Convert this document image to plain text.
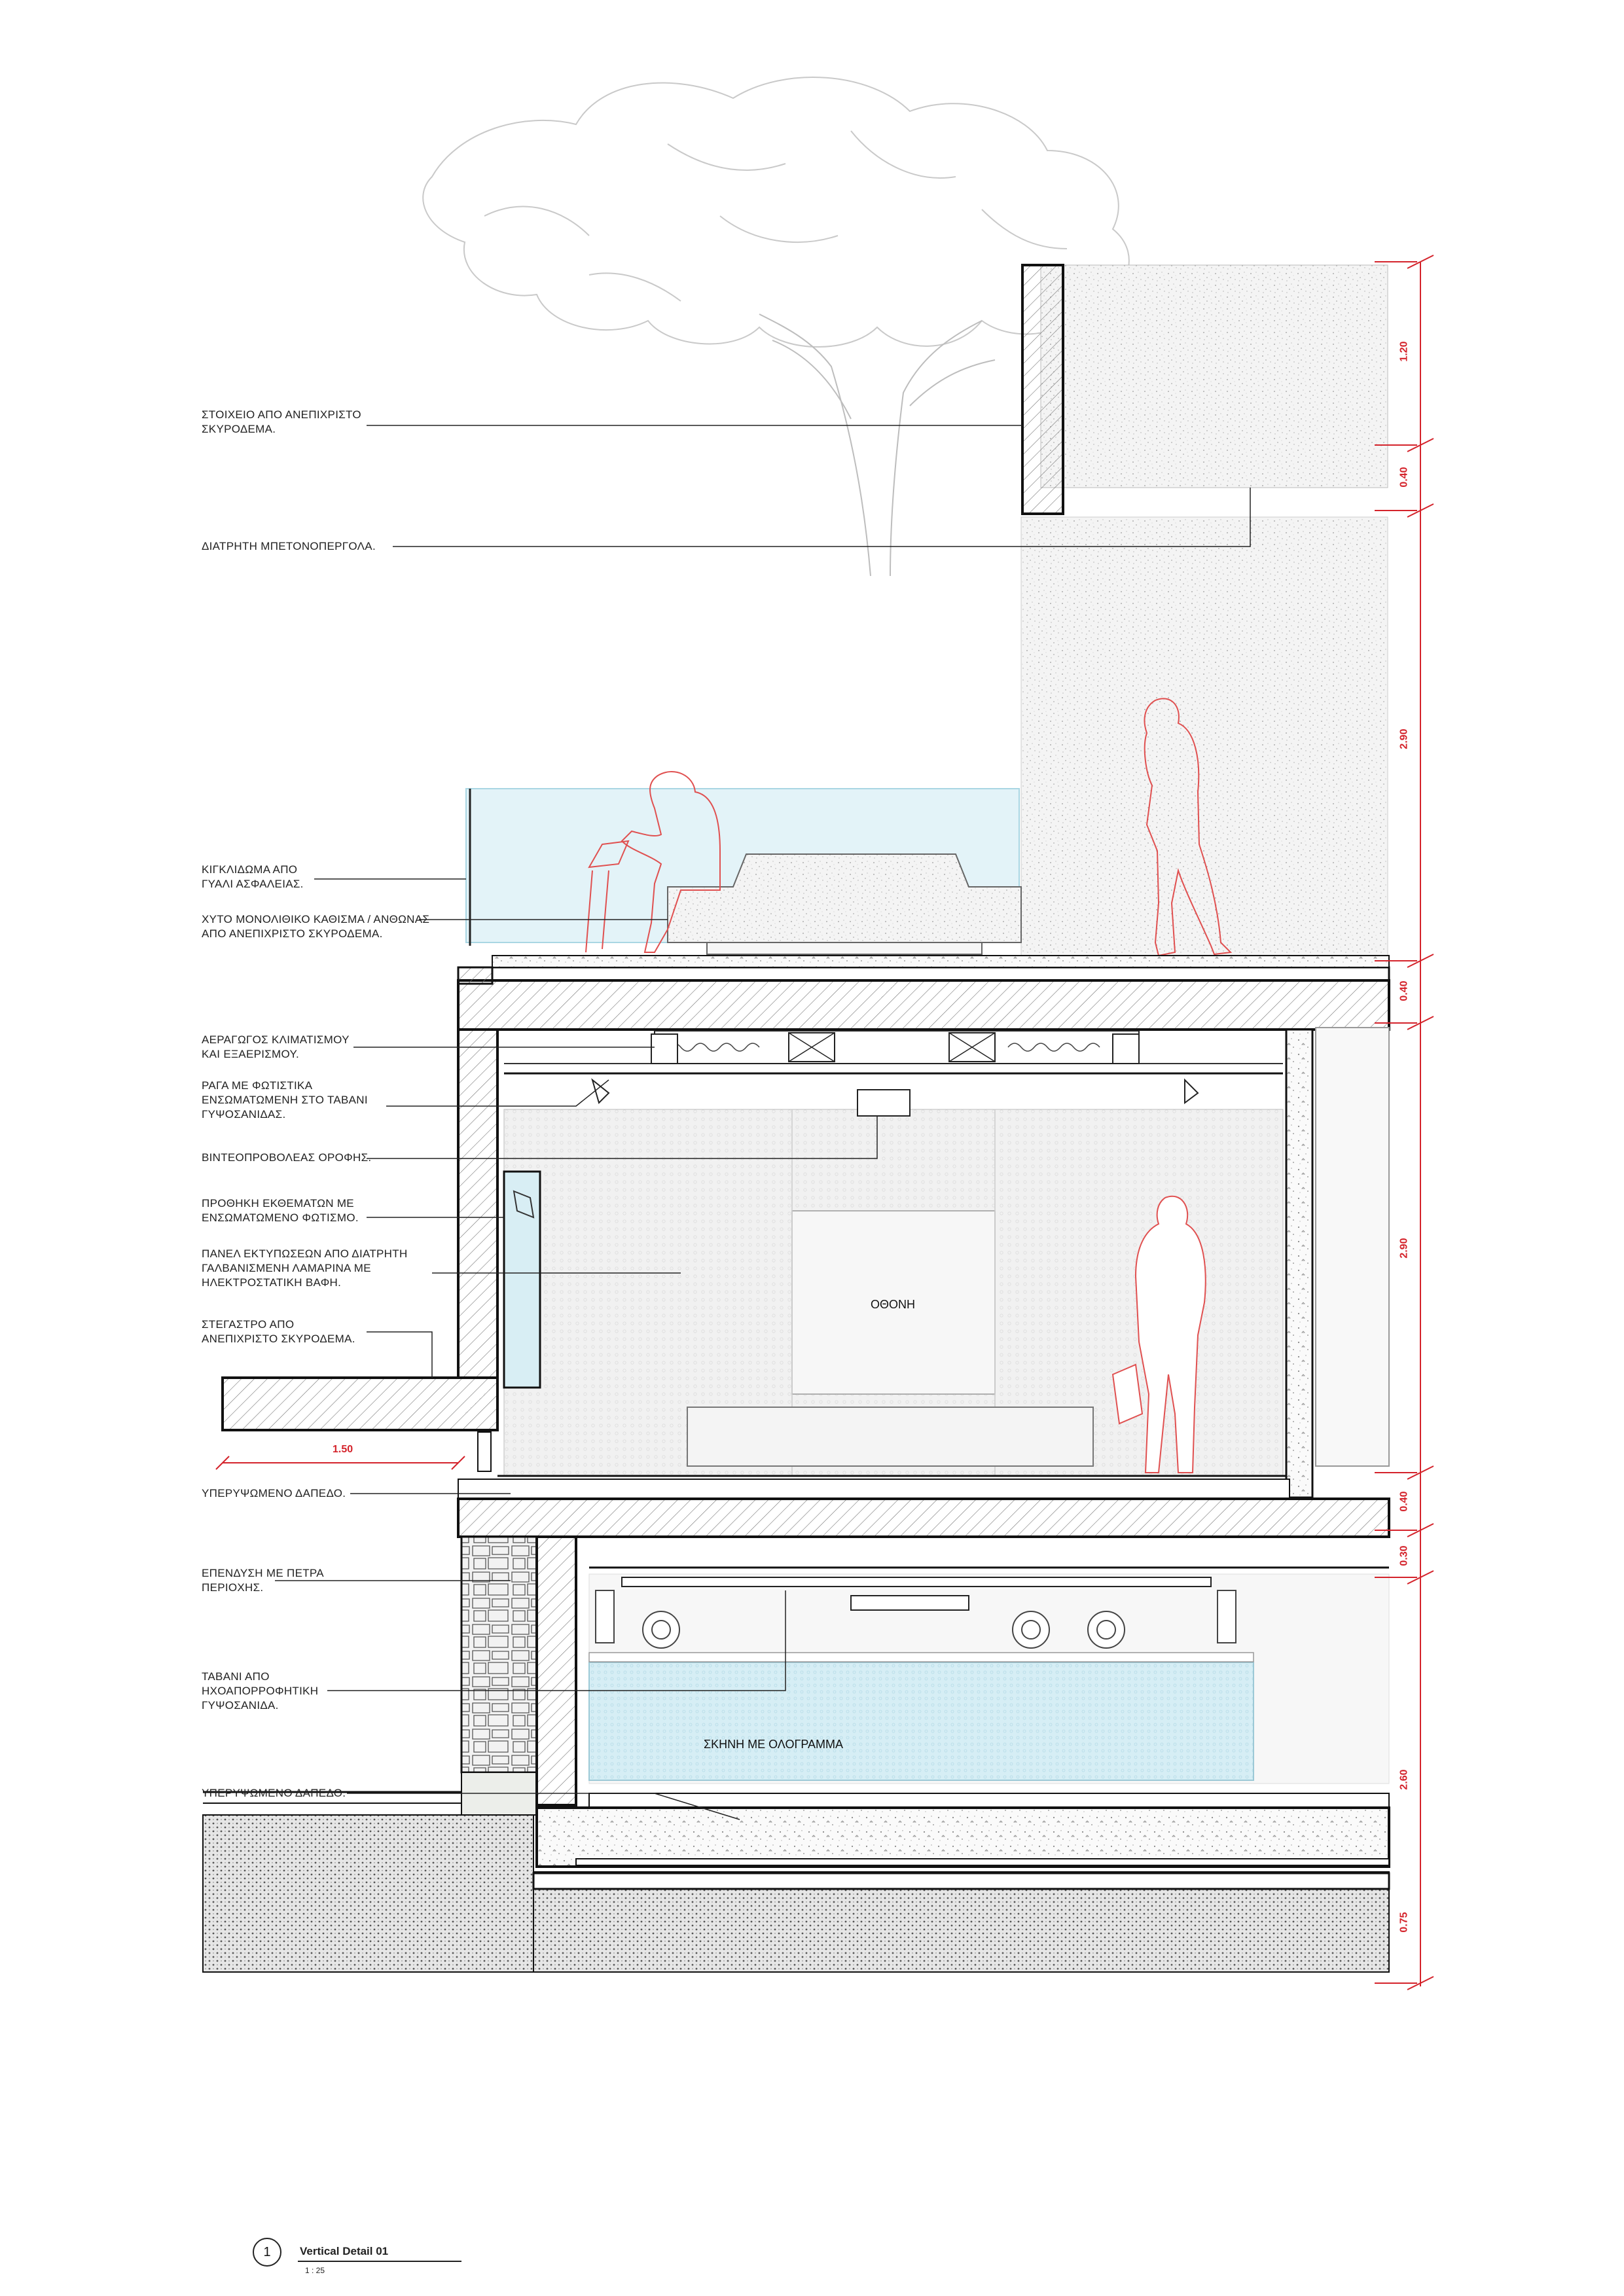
ΣΤΟΙΧΕΙΟ ΑΠΟ ΑΝΕΠΙΧΡΙΣΤΟ
ΣΚΥΡΟΔΕΜΑ.
ΔΙΑΤΡΗΤΗ ΜΠΕΤΟΝΟΠΕΡΓΟΛΑ.
ΚΙΓΚΛΙΔΩΜΑ ΑΠΟ
ΓΥΑΛΙ ΑΣΦΑΛΕΙΑΣ.
ΧΥΤΟ ΜΟΝΟΛΙΘΙΚΟ ΚΑΘΙΣΜΑ / ΑΝΘΩΝΑΣ
ΑΠΟ ΑΝΕΠΙΧΡΙΣΤΟ ΣΚΥΡΟΔΕΜΑ.
ΑΕΡΑΓΩΓΟΣ ΚΛΙΜΑΤΙΣΜΟΥ
ΚΑΙ ΕΞΑΕΡΙΣΜΟΥ.
ΡΑΓΑ ΜΕ ΦΩΤΙΣΤΙΚΑ
ΕΝΣΩΜΑΤΩΜΕΝΗ ΣΤΟ ΤΑΒΑΝΙ
ΓΥΨΟΣΑΝΙΔΑΣ.
ΒΙΝΤΕΟΠΡΟΒΟΛΕΑΣ ΟΡΟΦΗΣ.
ΠΡΟΘΗΚΗ ΕΚΘΕΜΑΤΩΝ ΜΕ
ΕΝΣΩΜΑΤΩΜΕΝΟ ΦΩΤΙΣΜΟ.
ΠΑΝΕΛ ΕΚΤΥΠΩΣΕΩΝ ΑΠΟ ΔΙΑΤΡΗΤΗ
ΓΑΛΒΑΝΙΣΜΕΝΗ ΛΑΜΑΡΙΝΑ ΜΕ
ΗΛΕΚΤΡΟΣΤΑΤΙΚΗ ΒΑΦΗ.
ΣΤΕΓΑΣΤΡΟ ΑΠΟ
ΑΝΕΠΙΧΡΙΣΤΟ ΣΚΥΡΟΔΕΜΑ.
ΥΠΕΡΥΨΩΜΕΝΟ ΔΑΠΕΔΟ.
ΕΠΕΝΔΥΣΗ ΜΕ ΠΕΤΡΑ
ΠΕΡΙΟΧΗΣ.
ΤΑΒΑΝΙ ΑΠΟ
ΗΧΟΑΠΟΡΡΟΦΗΤΙΚΗ
ΓΥΨΟΣΑΝΙΔΑ.
ΥΠΕΡΥΨΩΜΕΝΟ ΔΑΠΕΔΟ.
1.20
0.40
2.90
0.40
2.90
0.40
0.30
2.60
0.75
1.50
ΟΘΟΝΗ
ΣΚΗΝΗ ΜΕ ΟΛΟΓΡΑΜΜΑ
1	Vertical Detail 01
1 : 25
